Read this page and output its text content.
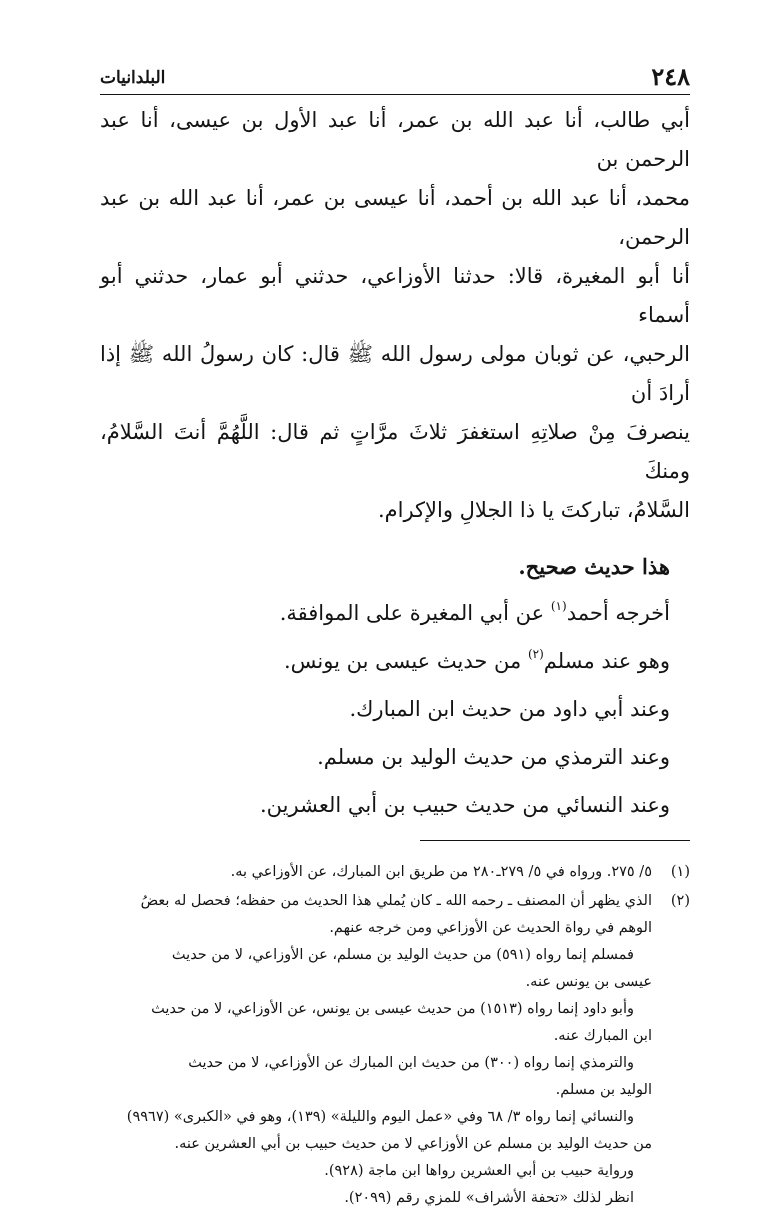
٢٤٨
البلدانيات

أبي طالب، أنا عبد الله بن عمر، أنا عبد الأول بن عيسى، أنا عبد الرحمن بن

محمد، أنا عبد الله بن أحمد، أنا عيسى بن عمر، أنا عبد الله بن عبد الرحمن،

أنا أبو المغيرة، قالا: حدثنا الأوزاعي، حدثني أبو عمار، حدثني أبو أسماء

الرحبي، عن ثوبان مولى رسول الله ﷺ قال: كان رسولُ الله ﷺ إذا أرادَ أن

ينصرفَ مِنْ صلاتِهِ استغفرَ ثلاثَ مرَّاتٍ ثم قال: اللَّهُمَّ أنتَ السَّلامُ، ومنكَ

السَّلامُ، تباركتَ يا ذا الجلالِ والإكرام.

هذا حديث صحيح.
أخرجه أحمد$^{(١)}$ عن أبي المغيرة على الموافقة.
وهو عند مسلم$^{(٢)}$ من حديث عيسى بن يونس.
وعند أبي داود من حديث ابن المبارك.
وعند الترمذي من حديث الوليد بن مسلم.
وعند النسائي من حديث حبيب بن أبي العشرين.
(١)

٥/ ٢٧٥. ورواه في ٥/ ٢٧٩ـ٢٨٠ من طريق ابن المبارك، عن الأوزاعي به.

(٢)

الذي يظهر أن المصنف ـ رحمه الله ـ كان يُملي هذا الحديث من حفظه؛ فحصل له بعضُ

الوهم في رواة الحديث عن الأوزاعي ومن خرجه عنهم.

فمسلم إنما رواه (٥٩١) من حديث الوليد بن مسلم، عن الأوزاعي، لا من حديث

عيسى بن يونس عنه.

وأبو داود إنما رواه (١٥١٣) من حديث عيسى بن يونس، عن الأوزاعي، لا من حديث

ابن المبارك عنه.

والترمذي إنما رواه (٣٠٠) من حديث ابن المبارك عن الأوزاعي، لا من حديث

الوليد بن مسلم.

والنسائي إنما رواه ٣/ ٦٨ وفي «عمل اليوم والليلة» (١٣٩)، وهو في «الكبرى» (٩٩٦٧)

من حديث الوليد بن مسلم عن الأوزاعي لا من حديث حبيب بن أبي العشرين عنه.

ورواية حبيب بن أبي العشرين رواها ابن ماجة (٩٢٨).

انظر لذلك «تحفة الأشراف» للمزي رقم (٢٠٩٩).
